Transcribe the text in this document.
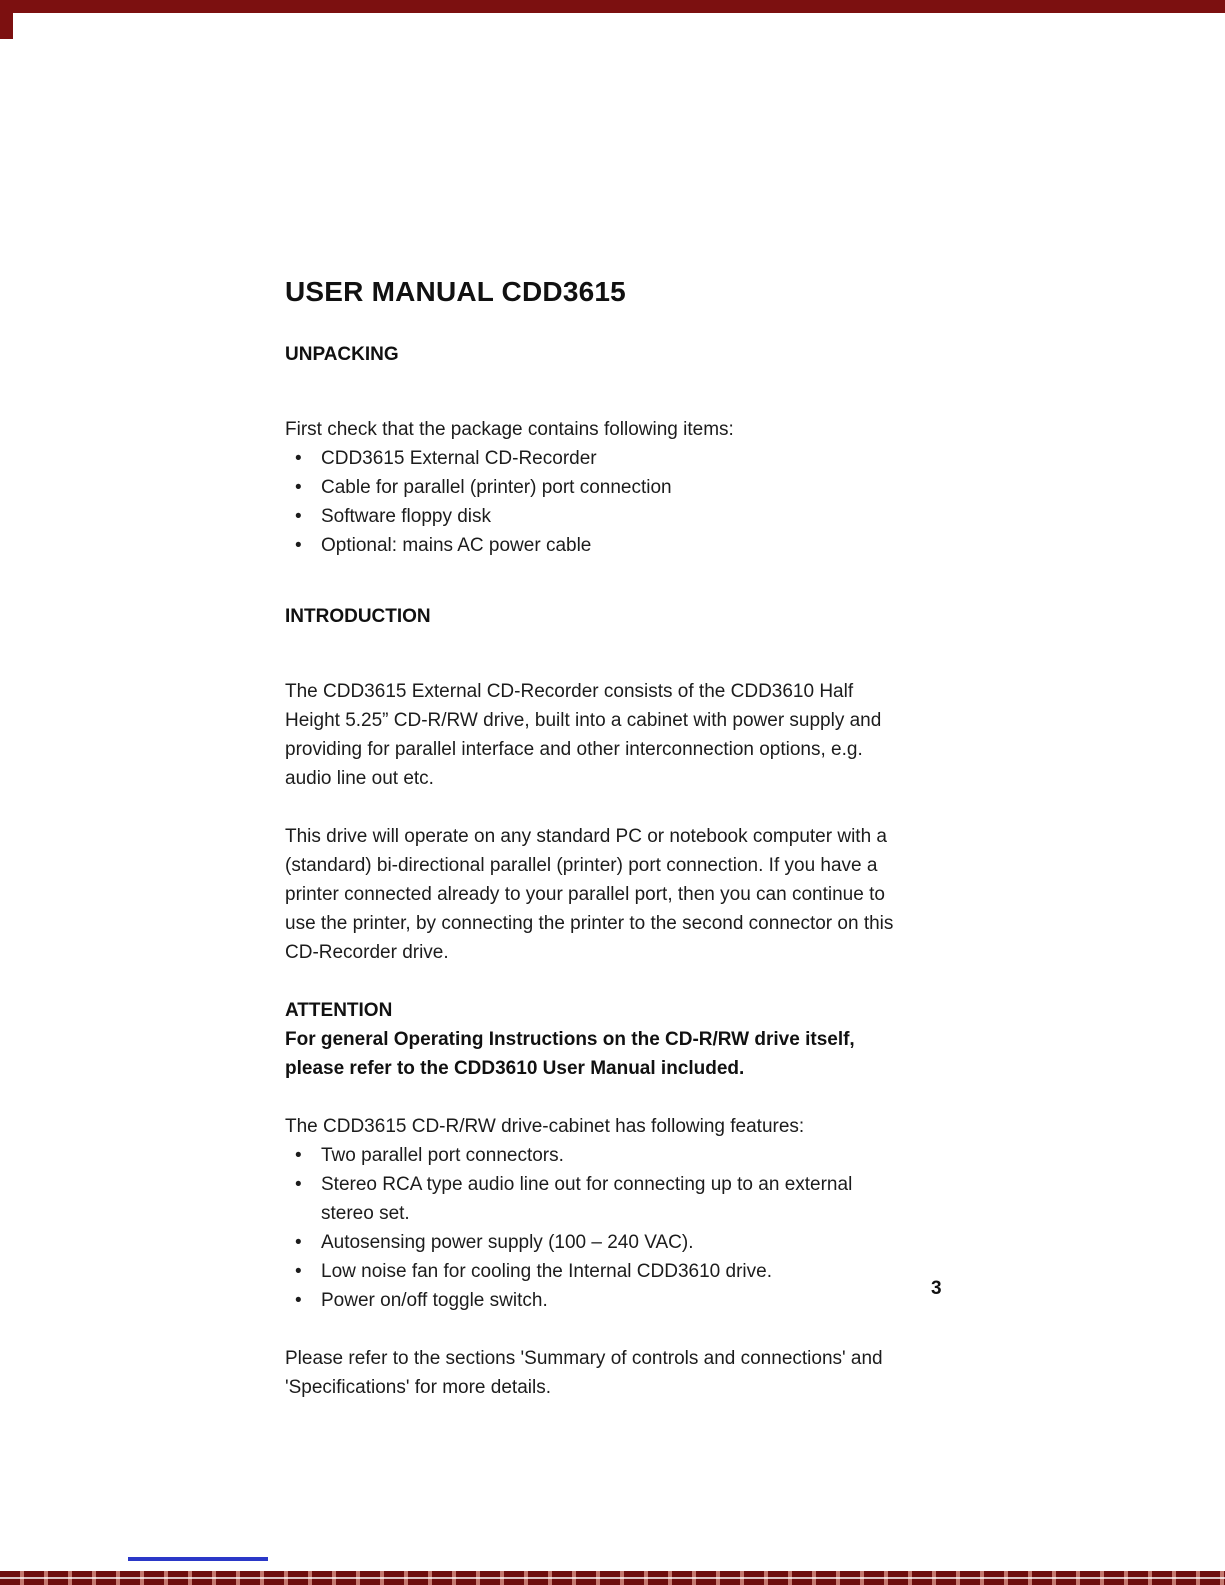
USER MANUAL CDD3615
UNPACKING

First check that the package contains following items:

• CDD3615 External CD-Recorder
• Cable for parallel (printer) port connection
• Software floppy disk
• Optional: mains AC power cable
INTRODUCTION

The CDD3615 External CD-Recorder consists of the CDD3610 Half Height 5.25” CD-R/RW drive, built into a cabinet with power supply and providing for parallel interface and other interconnection options, e.g. audio line out etc.

This drive will operate on any standard PC or notebook computer with a (standard) bi-directional parallel (printer) port connection. If you have a printer connected already to your parallel port, then you can continue to use the printer, by connecting the printer to the second connector on this CD-Recorder drive.

ATTENTION

For general Operating Instructions on the CD-R/RW drive itself, please refer to the CDD3610 User Manual included.

The CDD3615 CD-R/RW drive-cabinet has following features:

• Two parallel port connectors.
• Stereo RCA type audio line out for connecting up to an external stereo set.
• Autosensing power supply (100 – 240 VAC).
• Low noise fan for cooling the Internal CDD3610 drive.
• Power on/off toggle switch.

Please refer to the sections 'Summary of controls and connections' and 'Specifications' for more details.

3
